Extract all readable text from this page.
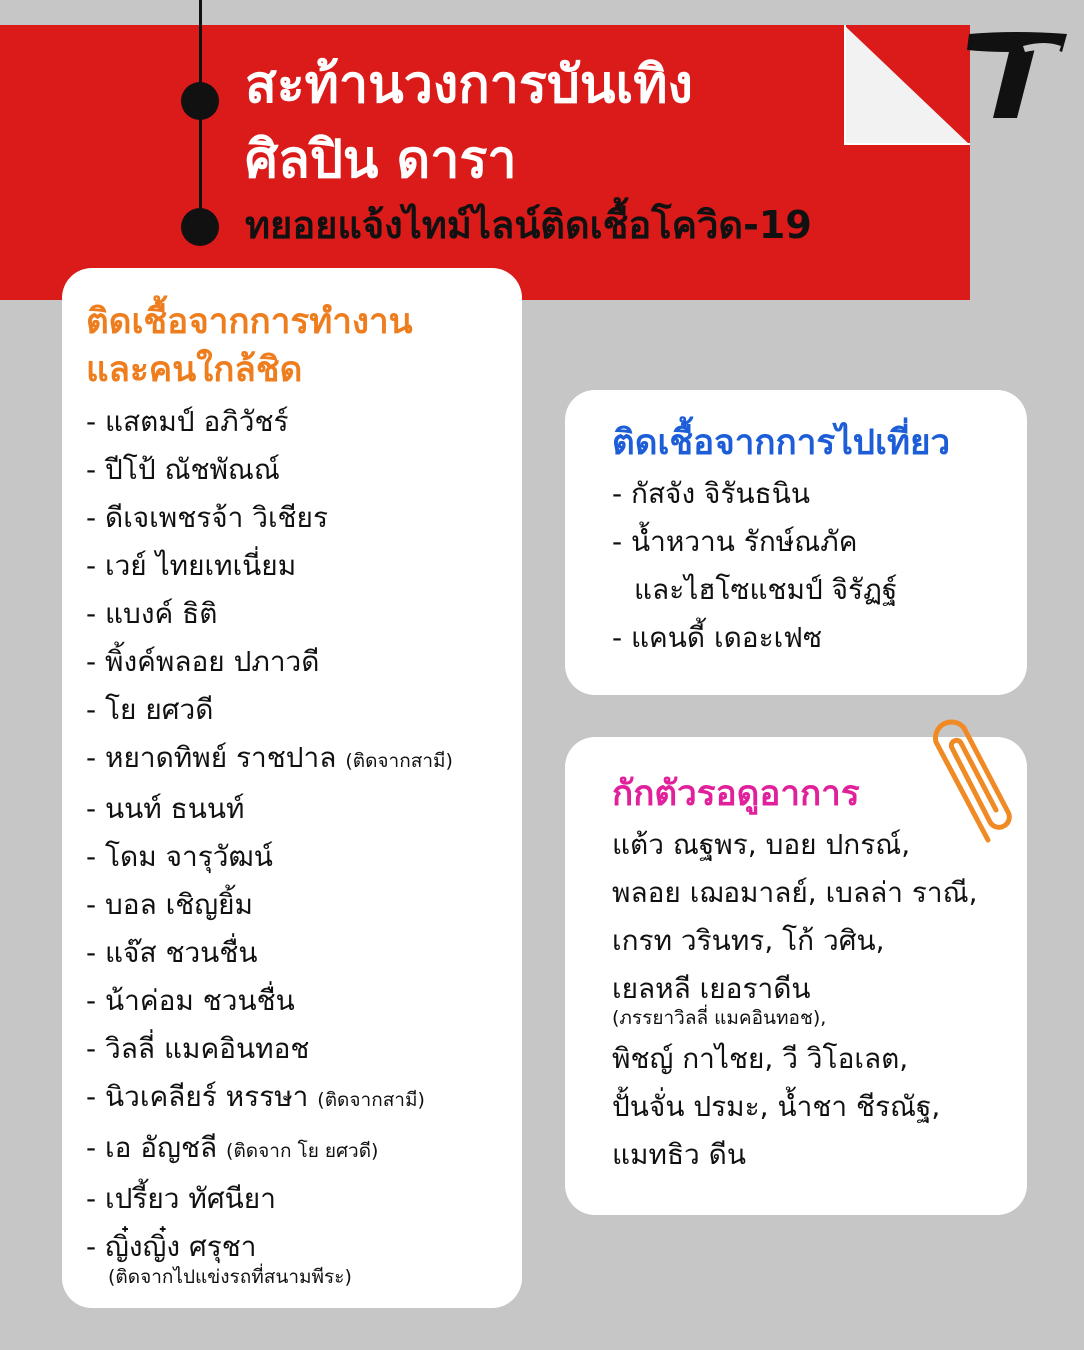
สะท้านวงการบันเทิง
ศิลปิน ดารา
ทยอยแจ้งไทม์ไลน์ติดเชื้อโควิด-19
ติดเชื้อจากการทำงาน
และคนใกล้ชิด
- แสตมป์ อภิวัชร์
- ปีโป้ ณัชพัณณ์
- ดีเจเพชรจ้า วิเชียร
- เวย์ ไทยเทเนี่ยม
- แบงค์ ธิติ
- พิ้งค์พลอย ปภาวดี
- โย ยศวดี
- หยาดทิพย์ ราชปาล (ติดจากสามี)
- นนท์ ธนนท์
- โดม จารุวัฒน์
- บอล เชิญยิ้ม
- แจ๊ส ชวนชื่น
- น้าค่อม ชวนชื่น
- วิลลี่ แมคอินทอช
- นิวเคลียร์ หรรษา (ติดจากสามี)
- เอ อัญชลี (ติดจาก โย ยศวดี)
- เปรี้ยว ทัศนียา
- ญิ๋งญิ๋ง ศรุชา
(ติดจากไปแข่งรถที่สนามพีระ)
ติดเชื้อจากการไปเที่ยว
- กัสจัง จิรันธนิน
- น้ำหวาน รักษ์ณภัค
และไฮโซแชมป์ จิรัฏฐ์
- แคนดี้ เดอะเฟซ
กักตัวรอดูอาการ
แต้ว ณฐพร, บอย ปกรณ์,
พลอย เฌอมาลย์, เบลล่า ราณี,
เกรท วรินทร, โก้ วศิน,
เยลหลี เยอราดีน
(ภรรยาวิลลี่ แมคอินทอช),
พิชญ์ กาไชย, วี วิโอเลต,
ปั้นจั่น ปรมะ, น้ำชา ชีรณัฐ,
แมทธิว ดีน
